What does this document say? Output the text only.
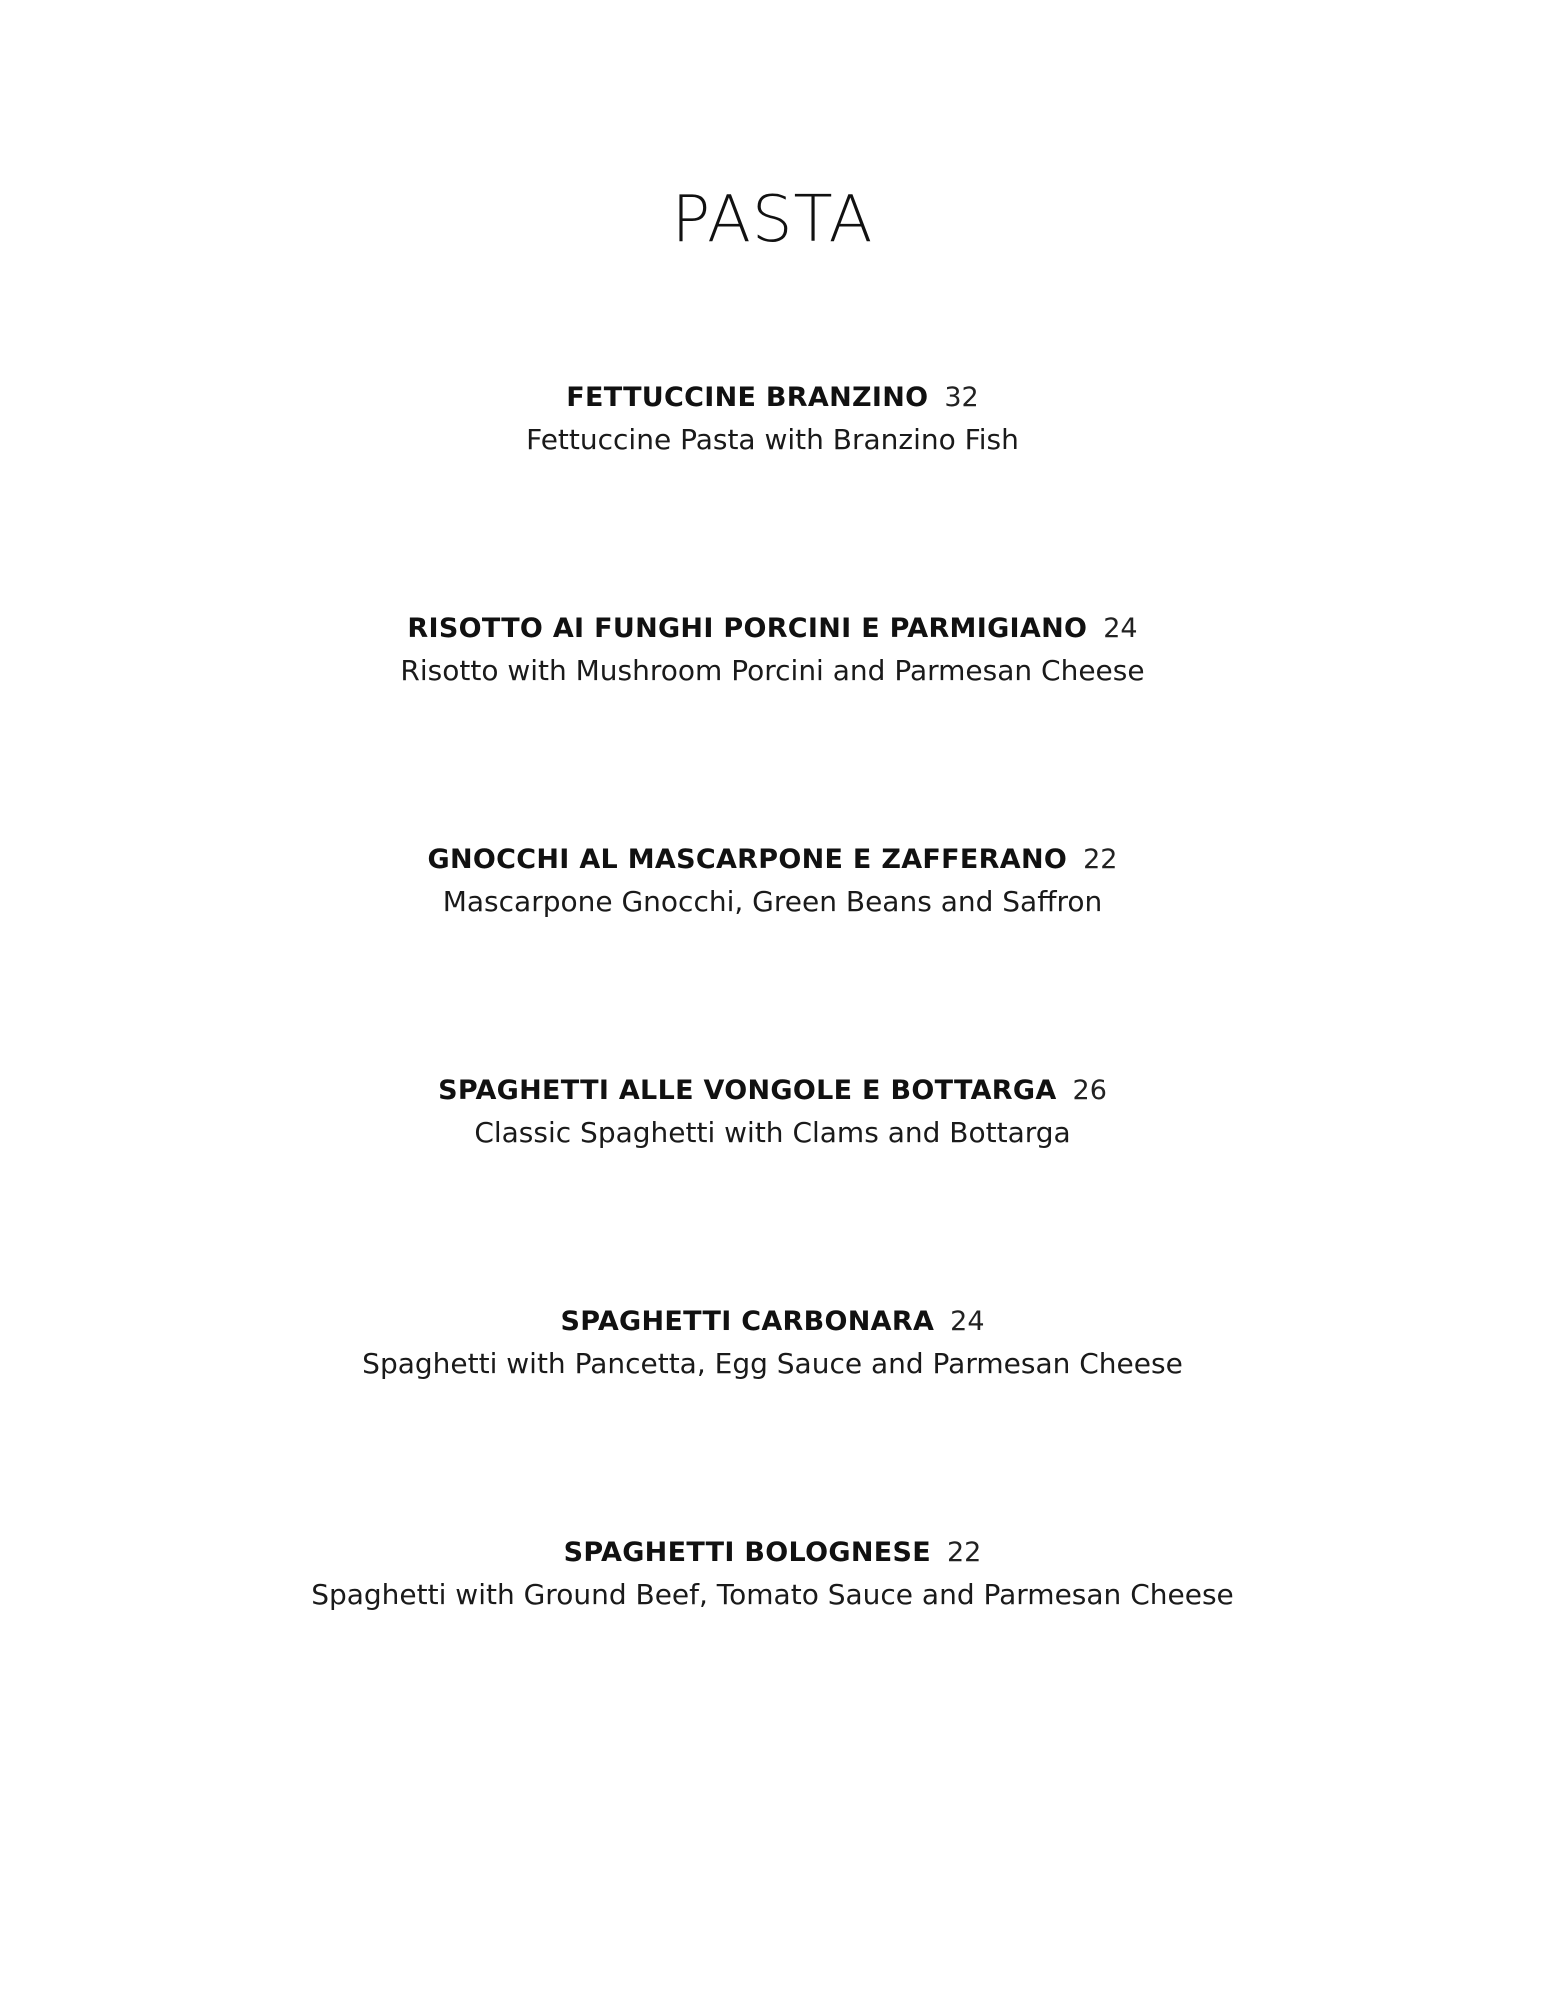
PASTA
FETTUCCINE BRANZINO 32
Fettuccine Pasta with Branzino Fish
RISOTTO AI FUNGHI PORCINI E PARMIGIANO 24
Risotto with Mushroom Porcini and Parmesan Cheese
GNOCCHI AL MASCARPONE E ZAFFERANO 22
Mascarpone Gnocchi, Green Beans and Saffron
SPAGHETTI ALLE VONGOLE E BOTTARGA 26
Classic Spaghetti with Clams and Bottarga
SPAGHETTI CARBONARA 24
Spaghetti with Pancetta, Egg Sauce and Parmesan Cheese
SPAGHETTI BOLOGNESE 22
Spaghetti with Ground Beef, Tomato Sauce and Parmesan Cheese
